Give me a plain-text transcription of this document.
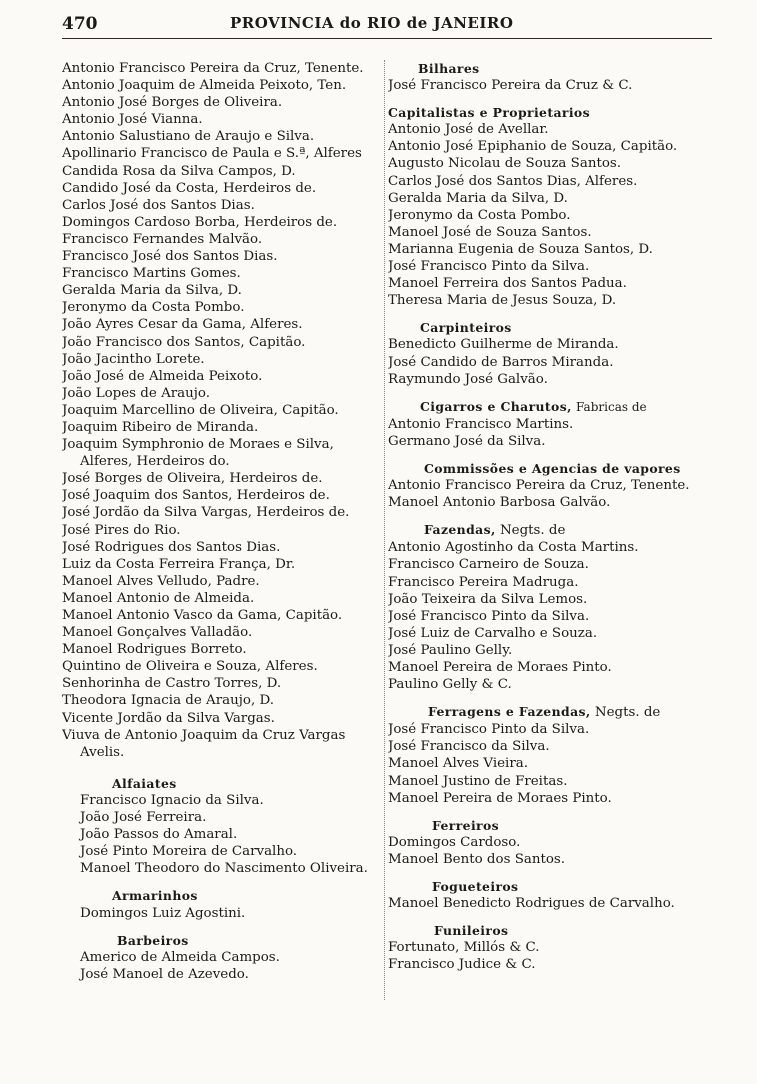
470	PROVINCIA do RIO de JANEIRO
Antonio Francisco Pereira da Cruz, Tenente.
Antonio Joaquim de Almeida Peixoto, Ten.
Antonio José Borges de Oliveira.
Antonio José Vianna.
Antonio Salustiano de Araujo e Silva.
Apollinario Francisco de Paula e S.ª, Alferes
Candida Rosa da Silva Campos, D.
Candido José da Costa, Herdeiros de.
Carlos José dos Santos Dias.
Domingos Cardoso Borba, Herdeiros de.
Francisco Fernandes Malvão.
Francisco José dos Santos Dias.
Francisco Martins Gomes.
Geralda Maria da Silva, D.
Jeronymo da Costa Pombo.
João Ayres Cesar da Gama, Alferes.
João Francisco dos Santos, Capitão.
João Jacintho Lorete.
João José de Almeida Peixoto.
João Lopes de Araujo.
Joaquim Marcellino de Oliveira, Capitão.
Joaquim Ribeiro de Miranda.
Joaquim Symphronio de Moraes e Silva,
Alferes, Herdeiros do.
José Borges de Oliveira, Herdeiros de.
José Joaquim dos Santos, Herdeiros de.
José Jordão da Silva Vargas, Herdeiros de.
José Pires do Rio.
José Rodrigues dos Santos Dias.
Luiz da Costa Ferreira França, Dr.
Manoel Alves Velludo, Padre.
Manoel Antonio de Almeida.
Manoel Antonio Vasco da Gama, Capitão.
Manoel Gonçalves Valladão.
Manoel Rodrigues Borreto.
Quintino de Oliveira e Souza, Alferes.
Senhorinha de Castro Torres, D.
Theodora Ignacia de Araujo, D.
Vicente Jordão da Silva Vargas.
Viuva de Antonio Joaquim da Cruz Vargas
Avelis.
Alfaiates
Francisco Ignacio da Silva.
João José Ferreira.
João Passos do Amaral.
José Pinto Moreira de Carvalho.
Manoel Theodoro do Nascimento Oliveira.
Armarinhos
Domingos Luiz Agostini.
Barbeiros
Americo de Almeida Campos.
José Manoel de Azevedo.
Bilhares
José Francisco Pereira da Cruz & C.
Capitalistas e Proprietarios
Antonio José de Avellar.
Antonio José Epiphanio de Souza, Capitão.
Augusto Nicolau de Souza Santos.
Carlos José dos Santos Dias, Alferes.
Geralda Maria da Silva, D.
Jeronymo da Costa Pombo.
Manoel José de Souza Santos.
Marianna Eugenia de Souza Santos, D.
José Francisco Pinto da Silva.
Manoel Ferreira dos Santos Padua.
Theresa Maria de Jesus Souza, D.
Carpinteiros
Benedicto Guilherme de Miranda.
José Candido de Barros Miranda.
Raymundo José Galvão.
Cigarros e Charutos, Fabricas de
Antonio Francisco Martins.
Germano José da Silva.
Commissões e Agencias de vapores
Antonio Francisco Pereira da Cruz, Tenente.
Manoel Antonio Barbosa Galvão.
Fazendas, Negts. de
Antonio Agostinho da Costa Martins.
Francisco Carneiro de Souza.
Francisco Pereira Madruga.
João Teixeira da Silva Lemos.
José Francisco Pinto da Silva.
José Luiz de Carvalho e Souza.
José Paulino Gelly.
Manoel Pereira de Moraes Pinto.
Paulino Gelly & C.
Ferragens e Fazendas, Negts. de
José Francisco Pinto da Silva.
José Francisco da Silva.
Manoel Alves Vieira.
Manoel Justino de Freitas.
Manoel Pereira de Moraes Pinto.
Ferreiros
Domingos Cardoso.
Manoel Bento dos Santos.
Fogueteiros
Manoel Benedicto Rodrigues de Carvalho.
Funileiros
Fortunato, Millós & C.
Francisco Judice & C.
